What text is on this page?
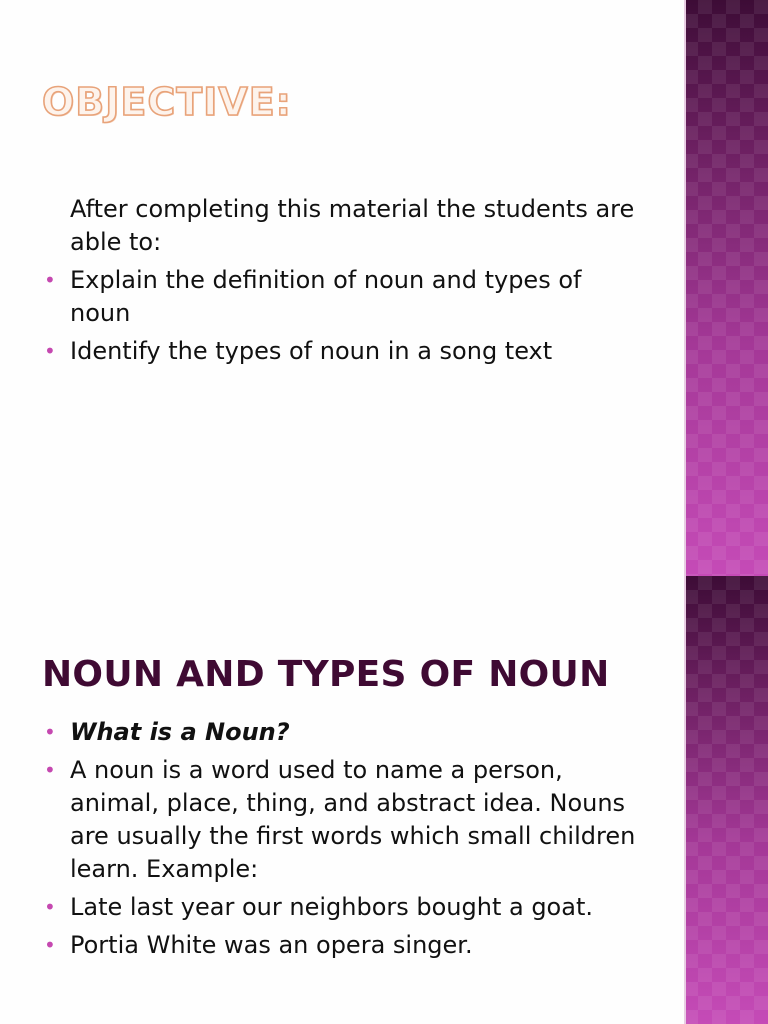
OBJECTIVE:
After completing this material the students are able to:
• Explain the definition of noun and types of noun
• Identify the types of noun in a song text
NOUN AND TYPES OF NOUN
• What is a Noun?
• A noun is a word used to name a person, animal, place, thing, and abstract idea. Nouns are usually the first words which small children learn. Example:
• Late last year our neighbors bought a goat.
• Portia White was an opera singer.
